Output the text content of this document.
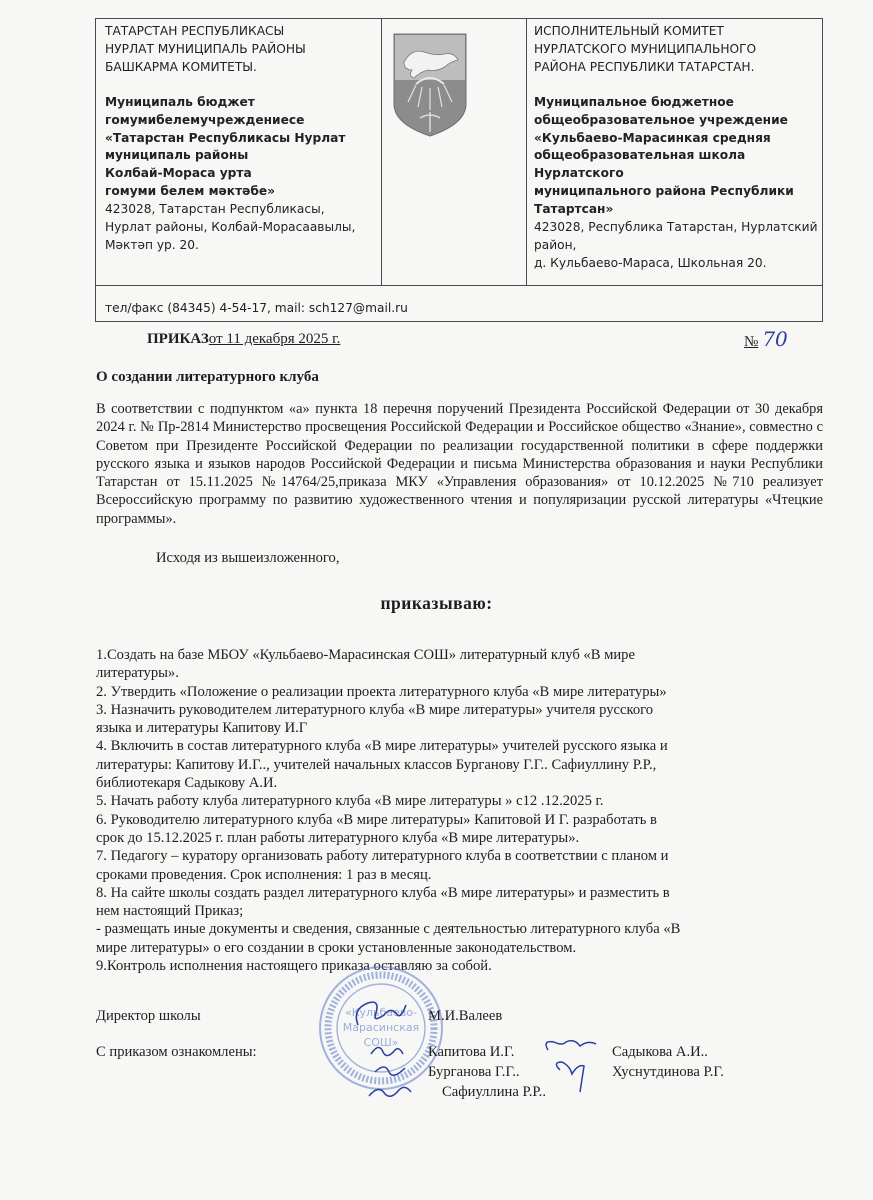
ТАТАРСТАН РЕСПУБЛИКАСЫ
НУРЛАТ МУНИЦИПАЛЬ РАЙОНЫ
БАШКАРМА КОМИТЕТЫ.
Муниципаль бюджет
гомумибелемучреждениесе
«Татарстан Республикасы Нурлат
муниципаль районы
Колбай-Мораса урта
гомуми белем мәктәбе»
423028, Татарстан Республикасы,
Нурлат районы, Колбай-Морасаавылы,
Мәктәп ур. 20.
ИСПОЛНИТЕЛЬНЫЙ КОМИТЕТ
НУРЛАТСКОГО МУНИЦИПАЛЬНОГО
РАЙОНА РЕСПУБЛИКИ ТАТАРСТАН.
Муниципальное бюджетное
общеобразовательное учреждение
«Кульбаево-Марасинкая средняя
общеобразовательная школа Нурлатского
муниципального района Республики
Татартсан»
423028, Республика Татарстан, Нурлатский
район,
д. Кульбаево-Мараса, Школьная 20.
тел/факс (84345) 4-54-17, mail: sch127@mail.ru
ПРИКАЗот 11 декабря 2025 г.	№ 70
О создании литературного клуба
В соответствии с подпунктом «а» пункта 18 перечня поручений Президента Российской Федерации от 30 декабря 2024 г. № Пр-2814 Министерство просвещения Российской Федерации и Российское общество «Знание», совместно с Советом при Президенте Российской Федерации по реализации государственной политики в сфере поддержки русского языка и языков народов Российской Федерации и письма Министерства образования и науки Республики Татарстан от 15.11.2025 №14764/25,приказа МКУ «Управления образования» от 10.12.2025 №710 реализует Всероссийскую программу по развитию художественного чтения и популяризации русской литературы «Чтецкие программы».
Исходя из вышеизложенного,
приказываю:
1.Создать на базе МБОУ «Кульбаево-Марасинская СОШ» литературный клуб «В мире
литературы».
2. Утвердить «Положение о реализации проекта литературного клуба «В мире литературы»
3. Назначить руководителем литературного клуба «В мире литературы» учителя русского
языка и литературы Капитову И.Г
4. Включить в состав литературного клуба «В мире литературы» учителей русского языка и
литературы: Капитову И.Г.., учителей начальных классов Бурганову Г.Г.. Сафиуллину Р.Р.,
библиотекаря Садыкову А.И.
5. Начать работу клуба литературного клуба «В мире литературы » с12 .12.2025 г.
6. Руководителю литературного клуба «В мире литературы» Капитовой И Г. разработать в
срок до 15.12.2025 г. план работы литературного клуба «В мире литературы».
7. Педагогу – куратору организовать работу литературного клуба в соответствии с планом и
сроками проведения. Срок исполнения: 1 раз в месяц.
8. На сайте школы создать раздел литературного клуба «В мире литературы» и разместить в
нем настоящий Приказ;
- размещать иные документы и сведения, связанные с деятельностью литературного клуба «В
мире литературы» о его создании в сроки установленные законодательством.
9.Контроль исполнения настоящего приказа оставляю за собой.
«Кульбаево-
Марасинская
СОШ»
Директор школы	М.И.Валеев
С приказом ознакомлены:	Капитова И.Г.	Садыкова А.И..
Бурганова Г.Г..	Хуснутдинова Р.Г.
Сафиуллина Р.Р..
